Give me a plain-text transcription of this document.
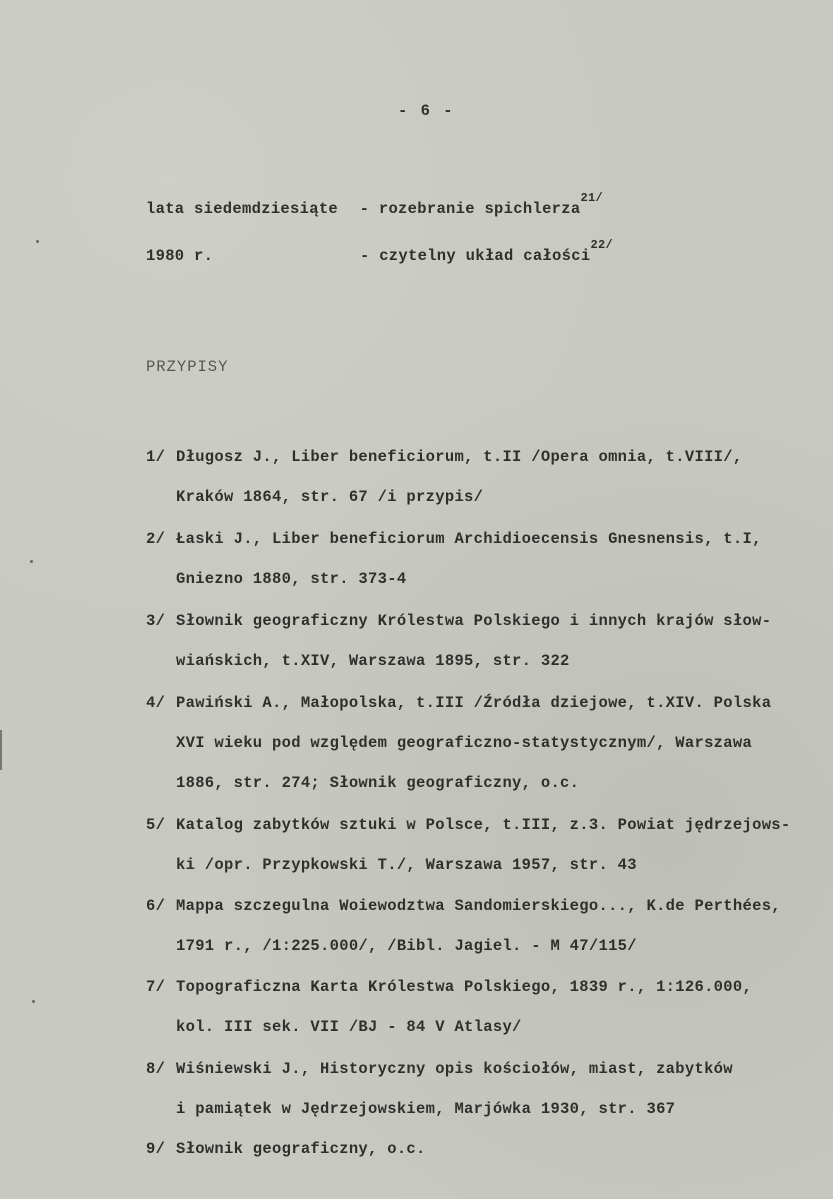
- 6 -
lata siedemdziesiąte - rozebranie spichlerza$^{21/}$
1980 r.	- czytelny układ całości$^{22/}$
PRZYPISY
1/ Długosz J., Liber beneficiorum, t.II /Opera omnia, t.VIII/,
Kraków 1864, str. 67 /i przypis/
2/ Łaski J., Liber beneficiorum Archidioecensis Gnesnensis, t.I,
Gniezno 1880, str. 373-4
3/ Słownik geograficzny Królestwa Polskiego i innych krajów słow-
wiańskich, t.XIV, Warszawa 1895, str. 322
4/ Pawiński A., Małopolska, t.III /Źródła dziejowe, t.XIV. Polska
XVI wieku pod względem geograficzno-statystycznym/, Warszawa
1886, str. 274; Słownik geograficzny, o.c.
5/ Katalog zabytków sztuki w Polsce, t.III, z.3. Powiat jędrzejows-
ki /opr. Przypkowski T./, Warszawa 1957, str. 43
6/ Mappa szczegulna Woiewodztwa Sandomierskiego..., K.de Perthées,
1791 r., /1:225.000/, /Bibl. Jagiel. - M 47/115/
7/ Topograficzna Karta Królestwa Polskiego, 1839 r., 1:126.000,
kol. III sek. VII /BJ - 84 V Atlasy/
8/ Wiśniewski J., Historyczny opis kościołów, miast, zabytków
i pamiątek w Jędrzejowskiem, Marjówka 1930, str. 367
9/ Słownik geograficzny, o.c.
